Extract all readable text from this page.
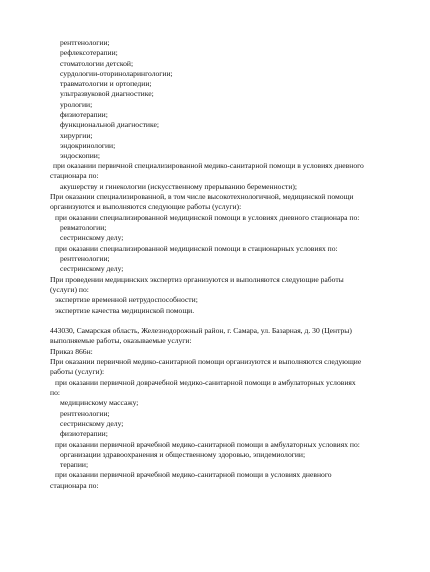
рентгенологии;
рефлексотерапии;
стоматологии детской;
сурдологии-оториноларингологии;
травматологии и ортопедии;
ультразвуковой диагностике;
урологии;
физиотерапии;
функциональной диагностике;
хирургии;
эндокринологии;
эндоскопии;
при оказании первичной специализированной медико-санитарной помощи в условиях дневного
стационара по:
акушерству и гинекологии (искусственному прерыванию беременности);
При оказании специализированной, в том числе высокотехнологичной, медицинской помощи
организуются и выполняются следующие работы (услуги):
при оказании специализированной медицинской помощи в условиях дневного стационара по:
ревматологии;
сестринскому делу;
при оказании специализированной медицинской помощи в стационарных условиях по:
рентгенологии;
сестринскому делу;
При проведении медицинских экспертиз организуются и выполняются следующие работы
(услуги) по:
экспертизе временной нетрудоспособности;
экспертизе качества медицинской помощи.
443030, Самарская область, Железнодорожный район, г. Самара, ул. Базарная, д. 30 (Центры)
выполняемые работы, оказываемые услуги:
Приказ 866н:
При оказании первичной медико-санитарной помощи организуются и выполняются следующие
работы (услуги):
при оказании первичной доврачебной медико-санитарной помощи в амбулаторных условиях
по:
медицинскому массажу;
рентгенологии;
сестринскому делу;
физиотерапии;
при оказании первичной врачебной медико-санитарной помощи в амбулаторных условиях по:
организации здравоохранения и общественному здоровью, эпидемиологии;
терапии;
при оказании первичной врачебной медико-санитарной помощи в условиях дневного
стационара по:
